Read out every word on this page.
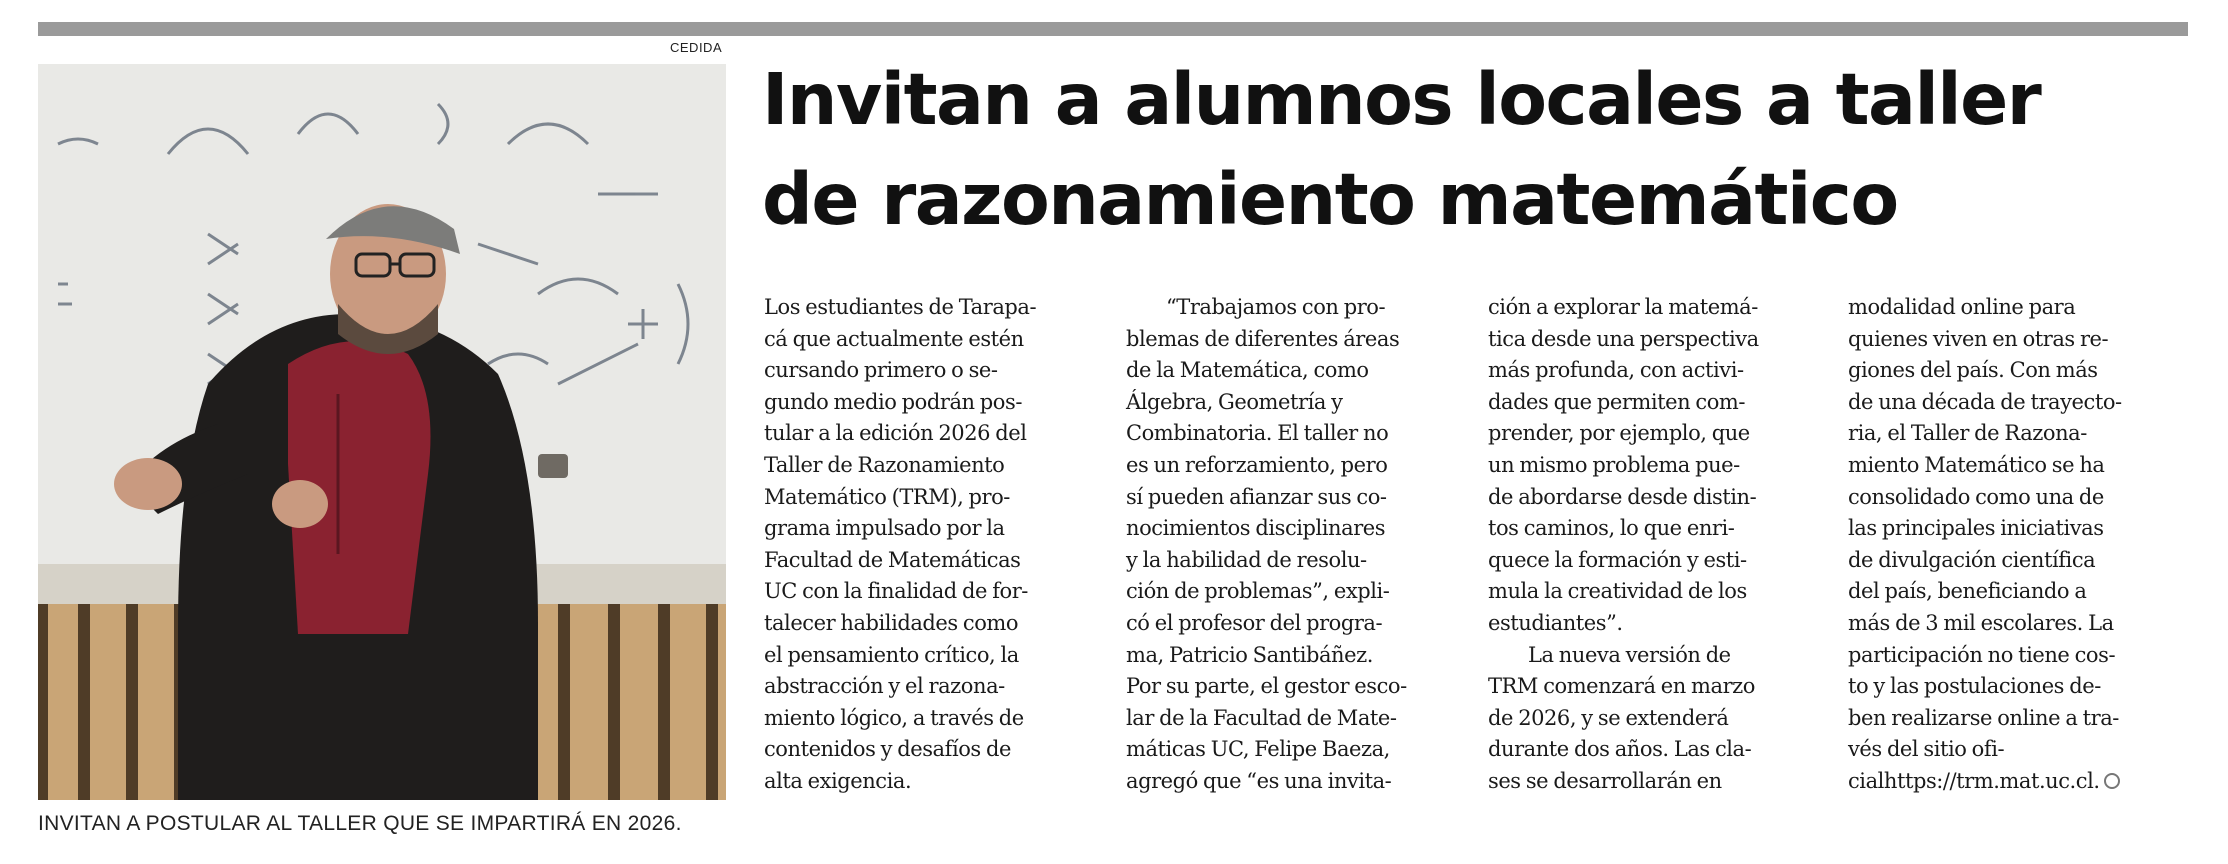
CEDIDA
INVITAN A POSTULAR AL TALLER QUE SE IMPARTIRÁ EN 2026.
Invitan a alumnos locales a taller
de razonamiento matemático
Los estudiantes de Tarapa-
cá que actualmente estén
cursando primero o se-
gundo medio podrán pos-
tular a la edición 2026 del
Taller de Razonamiento
Matemático (TRM), pro-
grama impulsado por la
Facultad de Matemáticas
UC con la finalidad de for-
talecer habilidades como
el pensamiento crítico, la
abstracción y el razona-
miento lógico, a través de
contenidos y desafíos de
alta exigencia.
“Trabajamos con pro-
blemas de diferentes áreas
de la Matemática, como
Álgebra, Geometría y
Combinatoria. El taller no
es un reforzamiento, pero
sí pueden afianzar sus co-
nocimientos disciplinares
y la habilidad de resolu-
ción de problemas”, expli-
có el profesor del progra-
ma, Patricio Santibáñez.
Por su parte, el gestor esco-
lar de la Facultad de Mate-
máticas UC, Felipe Baeza,
agregó que “es una invita-
ción a explorar la matemá-
tica desde una perspectiva
más profunda, con activi-
dades que permiten com-
prender, por ejemplo, que
un mismo problema pue-
de abordarse desde distin-
tos caminos, lo que enri-
quece la formación y esti-
mula la creatividad de los
estudiantes”.
La nueva versión de
TRM comenzará en marzo
de 2026, y se extenderá
durante dos años. Las cla-
ses se desarrollarán en
modalidad online para
quienes viven en otras re-
giones del país. Con más
de una década de trayecto-
ria, el Taller de Razona-
miento Matemático se ha
consolidado como una de
las principales iniciativas
de divulgación científica
del país, beneficiando a
más de 3 mil escolares. La
participación no tiene cos-
to y las postulaciones de-
ben realizarse online a tra-
vés del sitio ofi-
cialhttps://trm.mat.uc.cl.
